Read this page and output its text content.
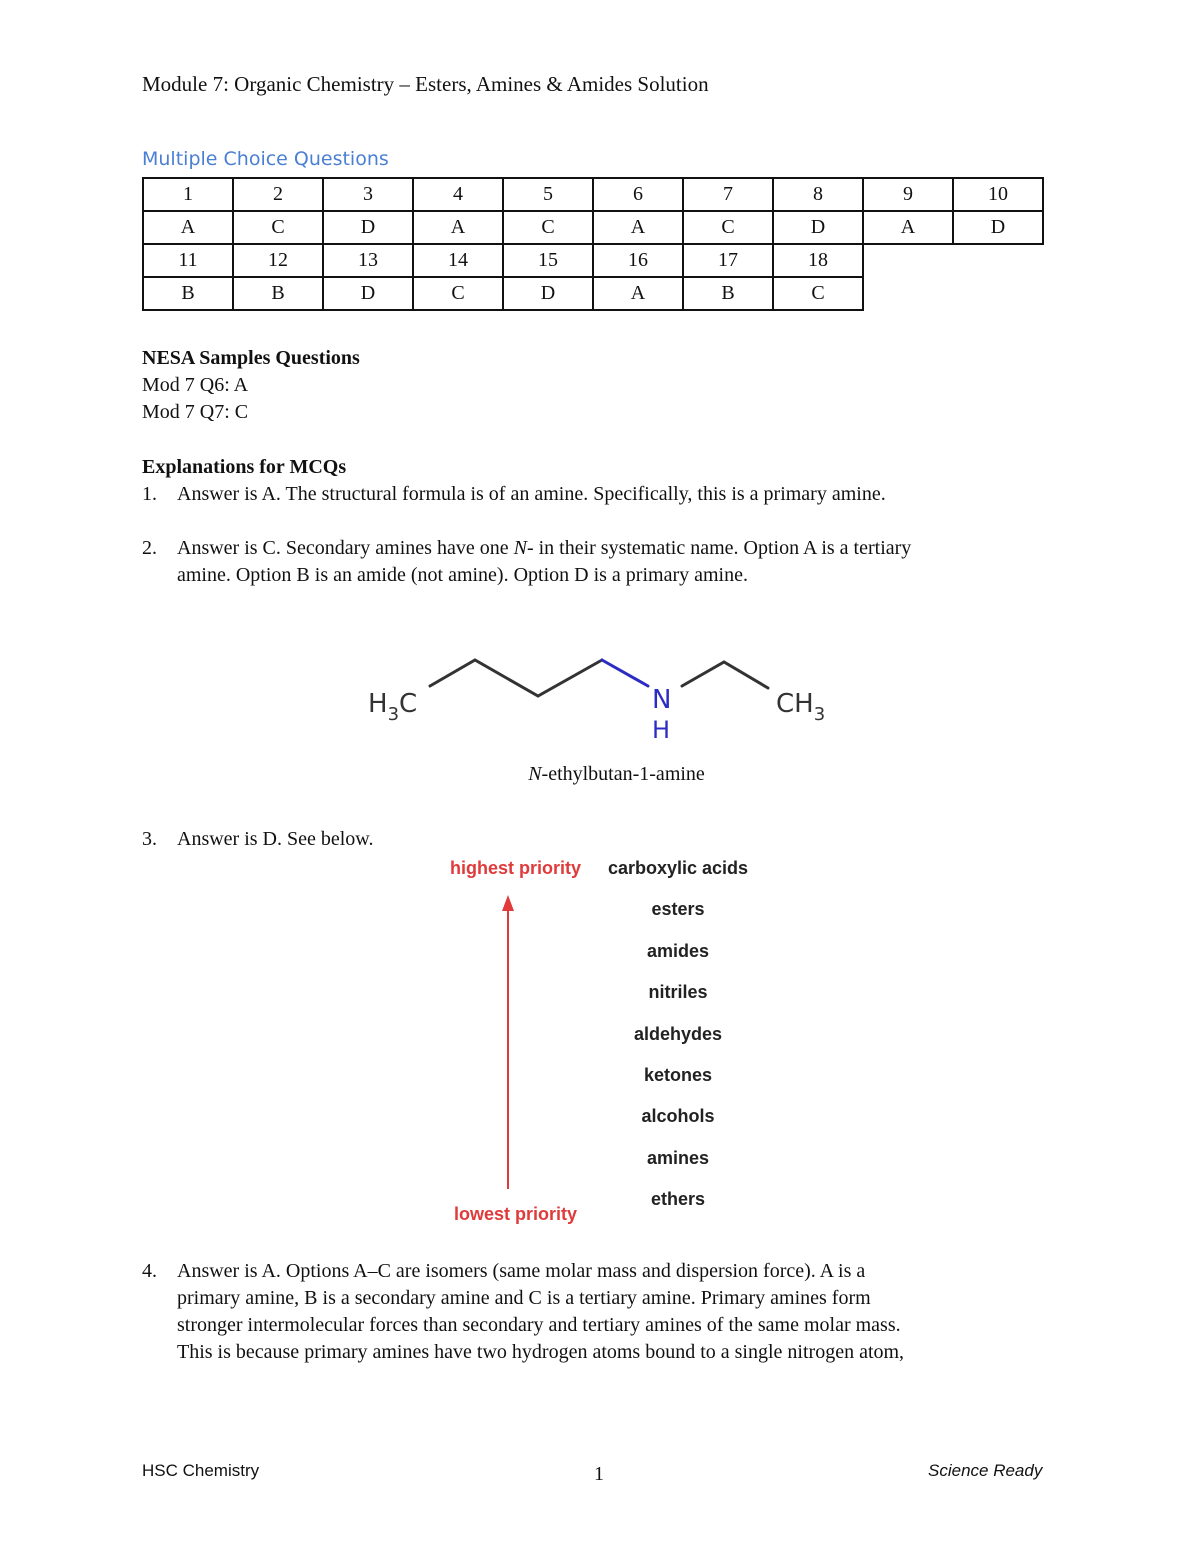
Module 7: Organic Chemistry – Esters, Amines & Amides Solution
Multiple Choice Questions
1	2	3	4	5	6	7	8	9	10
A	C	D	A	C	A	C	D	A	D
11	12	13	14	15	16	17	18		
B	B	D	C	D	A	B	C		
NESA Samples Questions
Mod 7 Q6: A
Mod 7 Q7: C
Explanations for MCQs
1.	Answer is A. The structural formula is of an amine. Specifically, this is a primary amine.
2.	Answer is C. Secondary amines have one N- in their systematic name. Option A is a tertiary
amine. Option B is an amide (not amine). Option D is a primary amine.
$H_3C$	N
H
$CH_3$
N-ethylbutan-1-amine
3.	Answer is D. See below.
highest priority
lowest priority
carboxylic acids
esters
amides
nitriles
aldehydes
ketones
alcohols
amines
ethers
4.	Answer is A. Options A–C are isomers (same molar mass and dispersion force). A is a
primary amine, B is a secondary amine and C is a tertiary amine. Primary amines form
stronger intermolecular forces than secondary and tertiary amines of the same molar mass.
This is because primary amines have two hydrogen atoms bound to a single nitrogen atom,
HSC Chemistry	1	Science Ready
